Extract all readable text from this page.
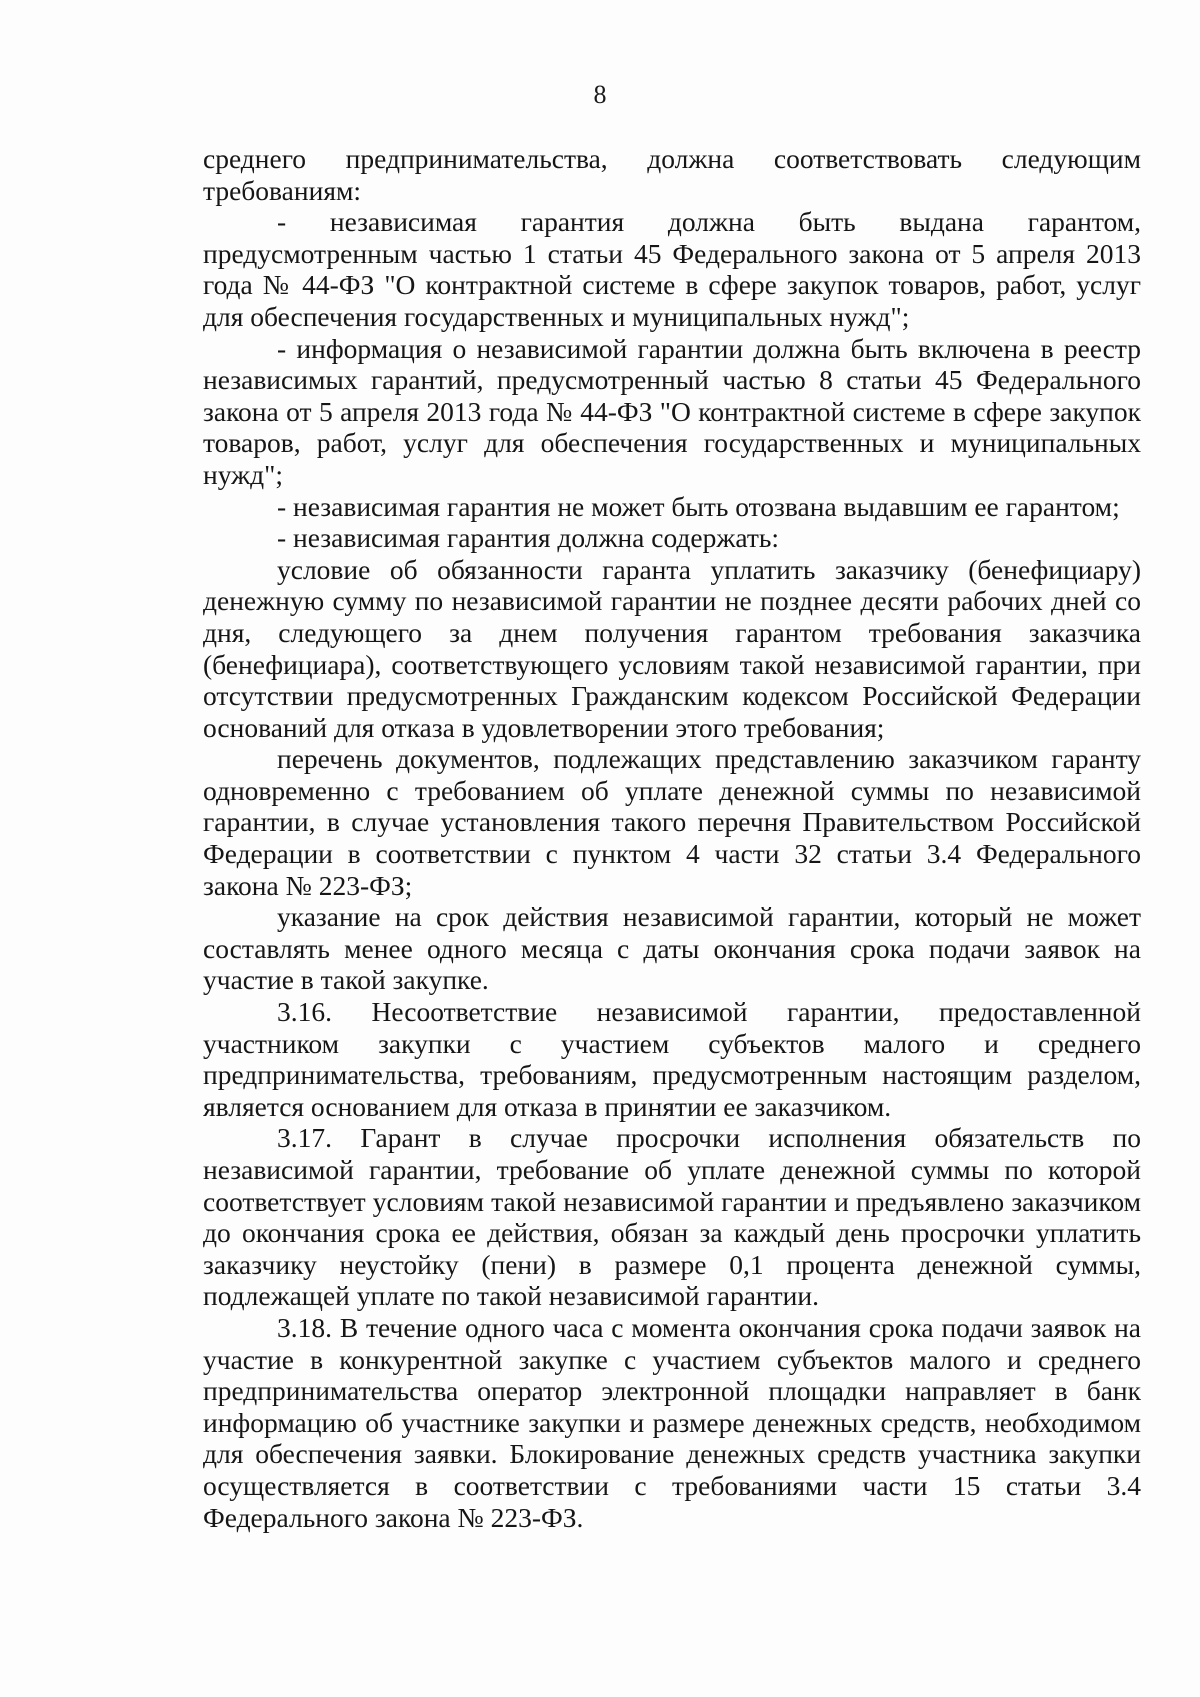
8

среднего предпринимательства, должна соответствовать следующим требованиям:

- независимая гарантия должна быть выдана гарантом, предусмотренным частью 1 статьи 45 Федерального закона от 5 апреля 2013 года № 44-ФЗ "О контрактной системе в сфере закупок товаров, работ, услуг для обеспечения государственных и муниципальных нужд";

- информация о независимой гарантии должна быть включена в реестр независимых гарантий, предусмотренный частью 8 статьи 45 Федерального закона от 5 апреля 2013 года № 44-ФЗ "О контрактной системе в сфере закупок товаров, работ, услуг для обеспечения государственных и муниципальных нужд";

- независимая гарантия не может быть отозвана выдавшим ее гарантом;

- независимая гарантия должна содержать:

условие об обязанности гаранта уплатить заказчику (бенефициару) денежную сумму по независимой гарантии не позднее десяти рабочих дней со дня, следующего за днем получения гарантом требования заказчика (бенефициара), соответствующего условиям такой независимой гарантии, при отсутствии предусмотренных Гражданским кодексом Российской Федерации оснований для отказа в удовлетворении этого требования;

перечень документов, подлежащих представлению заказчиком гаранту одновременно с требованием об уплате денежной суммы по независимой гарантии, в случае установления такого перечня Правительством Российской Федерации в соответствии с пунктом 4 части 32 статьи 3.4 Федерального закона № 223-ФЗ;

указание на срок действия независимой гарантии, который не может составлять менее одного месяца с даты окончания срока подачи заявок на участие в такой закупке.

3.16. Несоответствие независимой гарантии, предоставленной участником закупки с участием субъектов малого и среднего предпринимательства, требованиям, предусмотренным настоящим разделом, является основанием для отказа в принятии ее заказчиком.

3.17. Гарант в случае просрочки исполнения обязательств по независимой гарантии, требование об уплате денежной суммы по которой соответствует условиям такой независимой гарантии и предъявлено заказчиком до окончания срока ее действия, обязан за каждый день просрочки уплатить заказчику неустойку (пени) в размере 0,1 процента денежной суммы, подлежащей уплате по такой независимой гарантии.

3.18. В течение одного часа с момента окончания срока подачи заявок на участие в конкурентной закупке с участием субъектов малого и среднего предпринимательства оператор электронной площадки направляет в банк информацию об участнике закупки и размере денежных средств, необходимом для обеспечения заявки. Блокирование денежных средств участника закупки осуществляется в соответствии с требованиями части 15 статьи 3.4 Федерального закона № 223-ФЗ.
